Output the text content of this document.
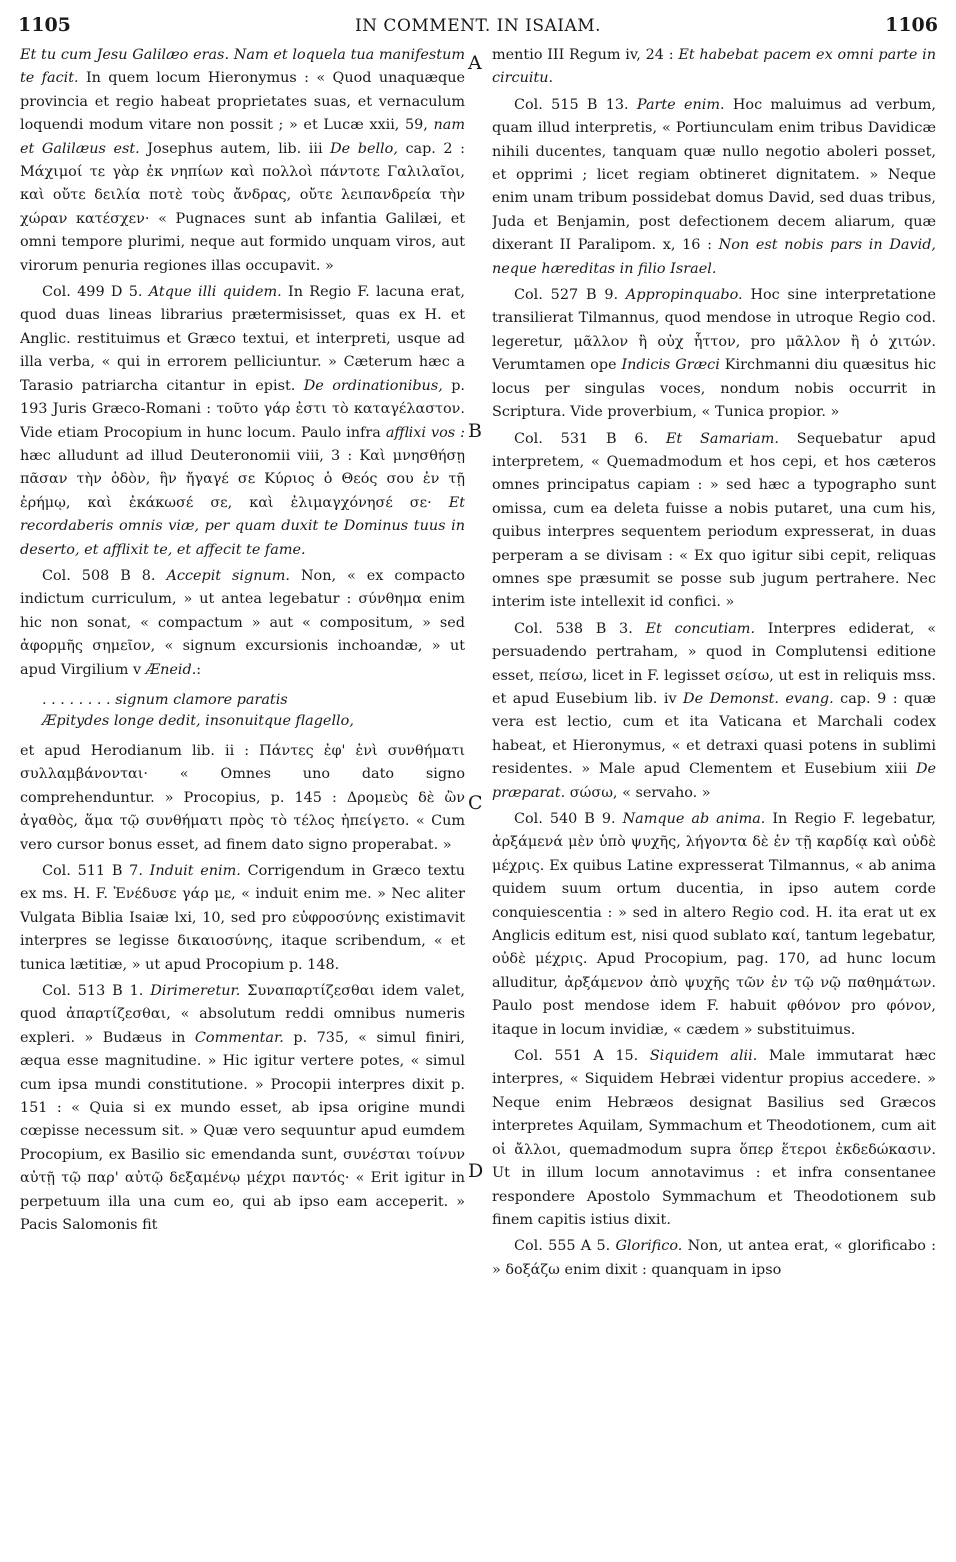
1105	IN COMMENT. IN ISAIAM.	1106
A
B
C
D

Et tu cum Jesu Galilæo eras. Nam et loquela tua manifestum te facit. In quem locum Hieronymus : « Quod unaquæque provincia et regio habeat proprietates suas, et vernaculum loquendi modum vitare non possit ; » et Lucæ xxii, 59, nam et Galilæus est. Josephus autem, lib. iii De bello, cap. 2 : Μάχιμοί τε γὰρ ἐκ νηπίων καὶ πολλοὶ πάντοτε Γαλιλαῖοι, καὶ οὔτε δειλία ποτὲ τοὺς ἄνδρας, οὔτε λειπανδρεία τὴν χώραν κατέσχεν· « Pugnaces sunt ab infantia Galilæi, et omni tempore plurimi, neque aut formido unquam viros, aut virorum penuria regiones illas occupavit. »

Col. 499 D 5. Atque illi quidem. In Regio F. lacuna erat, quod duas lineas librarius prætermisisset, quas ex H. et Anglic. restituimus et Græco textui, et interpreti, usque ad illa verba, « qui in errorem pelliciuntur. » Cæterum hæc a Tarasio patriarcha citantur in epist. De ordinationibus, p. 193 Juris Græco-Romani : τοῦτο γάρ ἐστι τὸ καταγέλαστον. Vide etiam Procopium in hunc locum. Paulo infra afflixi vos : hæc alludunt ad illud Deuteronomii viii, 3 : Καὶ μνησθήσῃ πᾶσαν τὴν ὁδὸν, ἣν ἤγαγέ σε Κύριος ὁ Θεός σου ἐν τῇ ἐρήμῳ, καὶ ἐκάκωσέ σε, καὶ ἐλιμαγχόνησέ σε· Et recordaberis omnis viæ, per quam duxit te Dominus tuus in deserto, et afflixit te, et affecit te fame.

Col. 508 B 8. Accepit signum. Non, « ex compacto indictum curriculum, » ut antea legebatur : σύνθημα enim hic non sonat, « compactum » aut « compositum, » sed ἀφορμῆς σημεῖον, « signum excursionis inchoandæ, » ut apud Virgilium v Æneid.:

. . . . . . . . signum clamore paratis
Æpitydes longe dedit, insonuitque flagello,

et apud Herodianum lib. ii : Πάντες ἐφ' ἑνὶ συνθήματι συλλαμβάνονται· « Omnes uno dato signo comprehenduntur. » Procopius, p. 145 : Δρομεὺς δὲ ὢν ἀγαθὸς, ἅμα τῷ συνθήματι πρὸς τὸ τέλος ἠπείγετο. « Cum vero cursor bonus esset, ad finem dato signo properabat. »

Col. 511 B 7. Induit enim. Corrigendum in Græco textu ex ms. H. F. Ἐνέδυσε γάρ με, « induit enim me. » Nec aliter Vulgata Biblia Isaiæ lxi, 10, sed pro εὐφροσύνης existimavit interpres se legisse δικαιοσύνης, itaque scribendum, « et tunica lætitiæ, » ut apud Procopium p. 148.

Col. 513 B 1. Dirimeretur. Συναπαρτίζεσθαι idem valet, quod ἀπαρτίζεσθαι, « absolutum reddi omnibus numeris expleri. » Budæus in Commentar. p. 735, « simul finiri, æqua esse magnitudine. » Hic igitur vertere potes, « simul cum ipsa mundi constitutione. » Procopii interpres dixit p. 151 : « Quia si ex mundo esset, ab ipsa origine mundi cœpisse necessum sit. » Quæ vero sequuntur apud eumdem Procopium, ex Basilio sic emendanda sunt, συνέσται τοίνυν αὐτῇ τῷ παρ' αὐτῷ δεξαμένῳ μέχρι παντός· « Erit igitur in perpetuum illa una cum eo, qui ab ipso eam acceperit. » Pacis Salomonis fit

mentio III Regum iv, 24 : Et habebat pacem ex omni parte in circuitu.

Col. 515 B 13. Parte enim. Hoc maluimus ad verbum, quam illud interpretis, « Portiunculam enim tribus Davidicæ nihili ducentes, tanquam quæ nullo negotio aboleri posset, et opprimi ; licet regiam obtineret dignitatem. » Neque enim unam tribum possidebat domus David, sed duas tribus, Juda et Benjamin, post defectionem decem aliarum, quæ dixerant II Paralipom. x, 16 : Non est nobis pars in David, neque hæreditas in filio Israel.

Col. 527 B 9. Appropinquabo. Hoc sine interpretatione transilierat Tilmannus, quod mendose in utroque Regio cod. legeretur, μᾶλλον ἢ οὐχ ἧττον, pro μᾶλλον ἢ ὁ χιτών. Verumtamen ope Indicis Græci Kirchmanni diu quæsitus hic locus per singulas voces, nondum nobis occurrit in Scriptura. Vide proverbium, « Tunica propior. »

Col. 531 B 6. Et Samariam. Sequebatur apud interpretem, « Quemadmodum et hos cepi, et hos cæteros omnes principatus capiam : » sed hæc a typographo sunt omissa, cum ea deleta fuisse a nobis putaret, una cum his, quibus interpres sequentem periodum expresserat, in duas perperam a se divisam : « Ex quo igitur sibi cepit, reliquas omnes spe præsumit se posse sub jugum pertrahere. Nec interim iste intellexit id confici. »

Col. 538 B 3. Et concutiam. Interpres ediderat, « persuadendo pertraham, » quod in Complutensi editione esset, πείσω, licet in F. legisset σείσω, ut est in reliquis mss. et apud Eusebium lib. iv De Demonst. evang. cap. 9 : quæ vera est lectio, cum et ita Vaticana et Marchali codex habeat, et Hieronymus, « et detraxi quasi potens in sublimi residentes. » Male apud Clementem et Eusebium xiii De præparat. σώσω, « servaho. »

Col. 540 B 9. Namque ab anima. In Regio F. legebatur, ἀρξάμενά μὲν ὑπὸ ψυχῆς, λήγοντα δὲ ἐν τῇ καρδίᾳ καὶ οὐδὲ μέχρις. Ex quibus Latine expresserat Tilmannus, « ab anima quidem suum ortum ducentia, in ipso autem corde conquiescentia : » sed in altero Regio cod. H. ita erat ut ex Anglicis editum est, nisi quod sublato καί, tantum legebatur, οὐδὲ μέχρις. Apud Procopium, pag. 170, ad hunc locum alluditur, ἀρξάμενον ἀπὸ ψυχῆς τῶν ἐν τῷ νῷ παθημάτων. Paulo post mendose idem F. habuit φθόνον pro φόνον, itaque in locum invidiæ, « cædem » substituimus.

Col. 551 A 15. Siquidem alii. Male immutarat hæc interpres, « Siquidem Hebræi videntur propius accedere. » Neque enim Hebræos designat Basilius sed Græcos interpretes Aquilam, Symmachum et Theodotionem, cum ait οἱ ἄλλοι, quemadmodum supra ὅπερ ἕτεροι ἐκδεδώκασιν. Ut in illum locum annotavimus : et infra consentanee respondere Apostolo Symmachum et Theodotionem sub finem capitis istius dixit.

Col. 555 A 5. Glorifico. Non, ut antea erat, « glorificabo : » δοξάζω enim dixit : quanquam in ipso
